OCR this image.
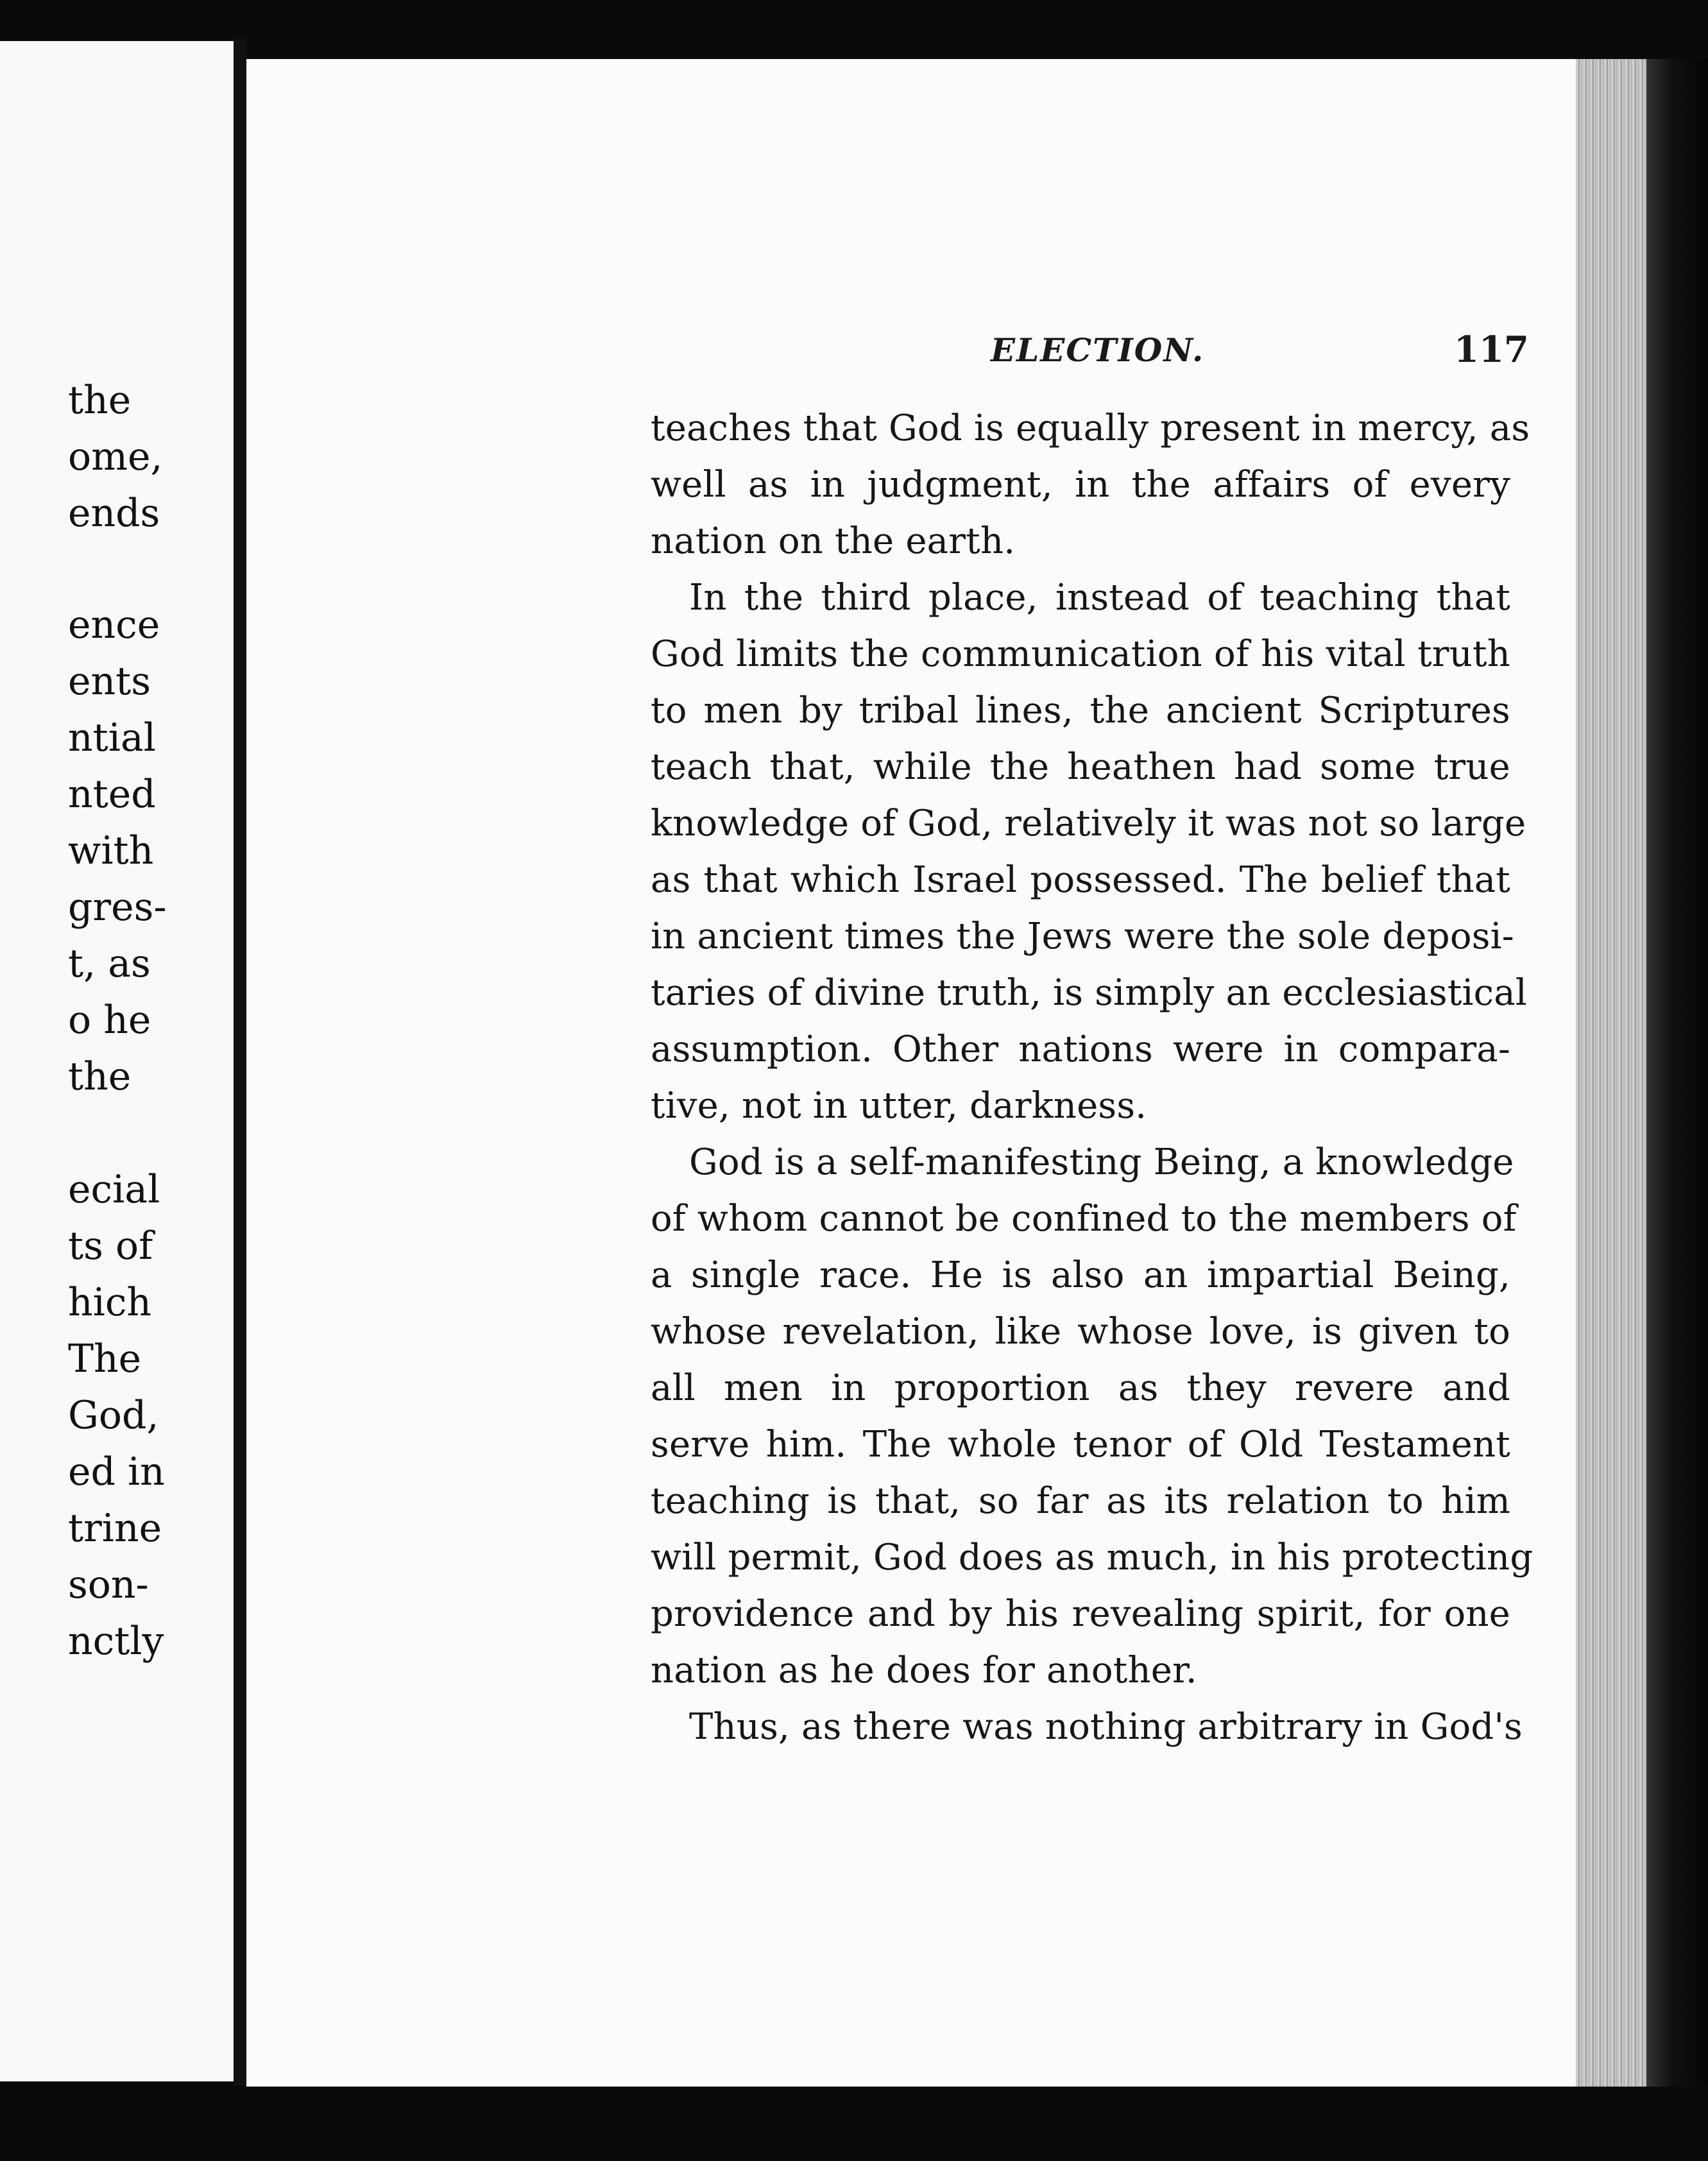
the
ome,
ends
ence
ents
ntial
nted
with
gres-
t, as
o he
the
ecial
ts of
hich
The
God,
ed in
trine
son-
nctly
ELECTION.	117
teaches that God is equally present in mercy, as
well as in judgment, in the affairs of every
nation on the earth.
In the third place, instead of teaching that
God limits the communication of his vital truth
to men by tribal lines, the ancient Scriptures
teach that, while the heathen had some true
knowledge of God, relatively it was not so large
as that which Israel possessed. The belief that
in ancient times the Jews were the sole deposi-
taries of divine truth, is simply an ecclesiastical
assumption. Other nations were in compara-
tive, not in utter, darkness.
God is a self-manifesting Being, a knowledge
of whom cannot be confined to the members of
a single race. He is also an impartial Being,
whose revelation, like whose love, is given to
all men in proportion as they revere and
serve him. The whole tenor of Old Testament
teaching is that, so far as its relation to him
will permit, God does as much, in his protecting
providence and by his revealing spirit, for one
nation as he does for another.
Thus, as there was nothing arbitrary in God's
